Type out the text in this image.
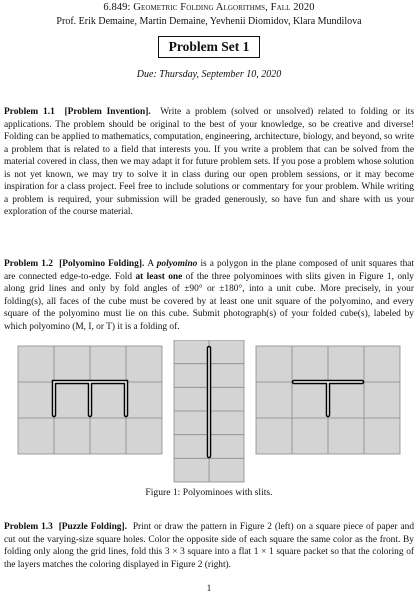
6.849: Geometric Folding Algorithms, Fall 2020
Prof. Erik Demaine, Martin Demaine, Yevhenii Diomidov, Klara Mundilova
Problem Set 1
Due: Thursday, September 10, 2020
Problem 1.1 [Problem Invention]. Write a problem (solved or unsolved) related to folding or its applications. The problem should be original to the best of your knowledge, so be creative and diverse! Folding can be applied to mathematics, computation, engineering, architecture, biology, and beyond, so write a problem that is related to a field that interests you. If you write a problem that can be solved from the material covered in class, then we may adapt it for future problem sets. If you pose a problem whose solution is not yet known, we may try to solve it in class during our open problem sessions, or it may become inspiration for a class project. Feel free to include solutions or commentary for your problem. While writing a problem is required, your submission will be graded generously, so have fun and share with us your exploration of the course material.
Problem 1.2 [Polyomino Folding]. A polyomino is a polygon in the plane composed of unit squares that are connected edge-to-edge. Fold at least one of the three polyominoes with slits given in Figure 1, only along grid lines and only by fold angles of ±90° or ±180°, into a unit cube. More precisely, in your folding(s), all faces of the cube must be covered by at least one unit square of the polyomino, and every square of the polyomino must lie on this cube. Submit photograph(s) of your folded cube(s), labeled by which polyomino (M, I, or T) it is a folding of.
Figure 1: Polyominoes with slits.
Problem 1.3 [Puzzle Folding]. Print or draw the pattern in Figure 2 (left) on a square piece of paper and cut out the varying-size square holes. Color the opposite side of each square the same color as the front. By folding only along the grid lines, fold this 3 × 3 square into a flat 1 × 1 square packet so that the coloring of the layers matches the coloring displayed in Figure 2 (right).
1
